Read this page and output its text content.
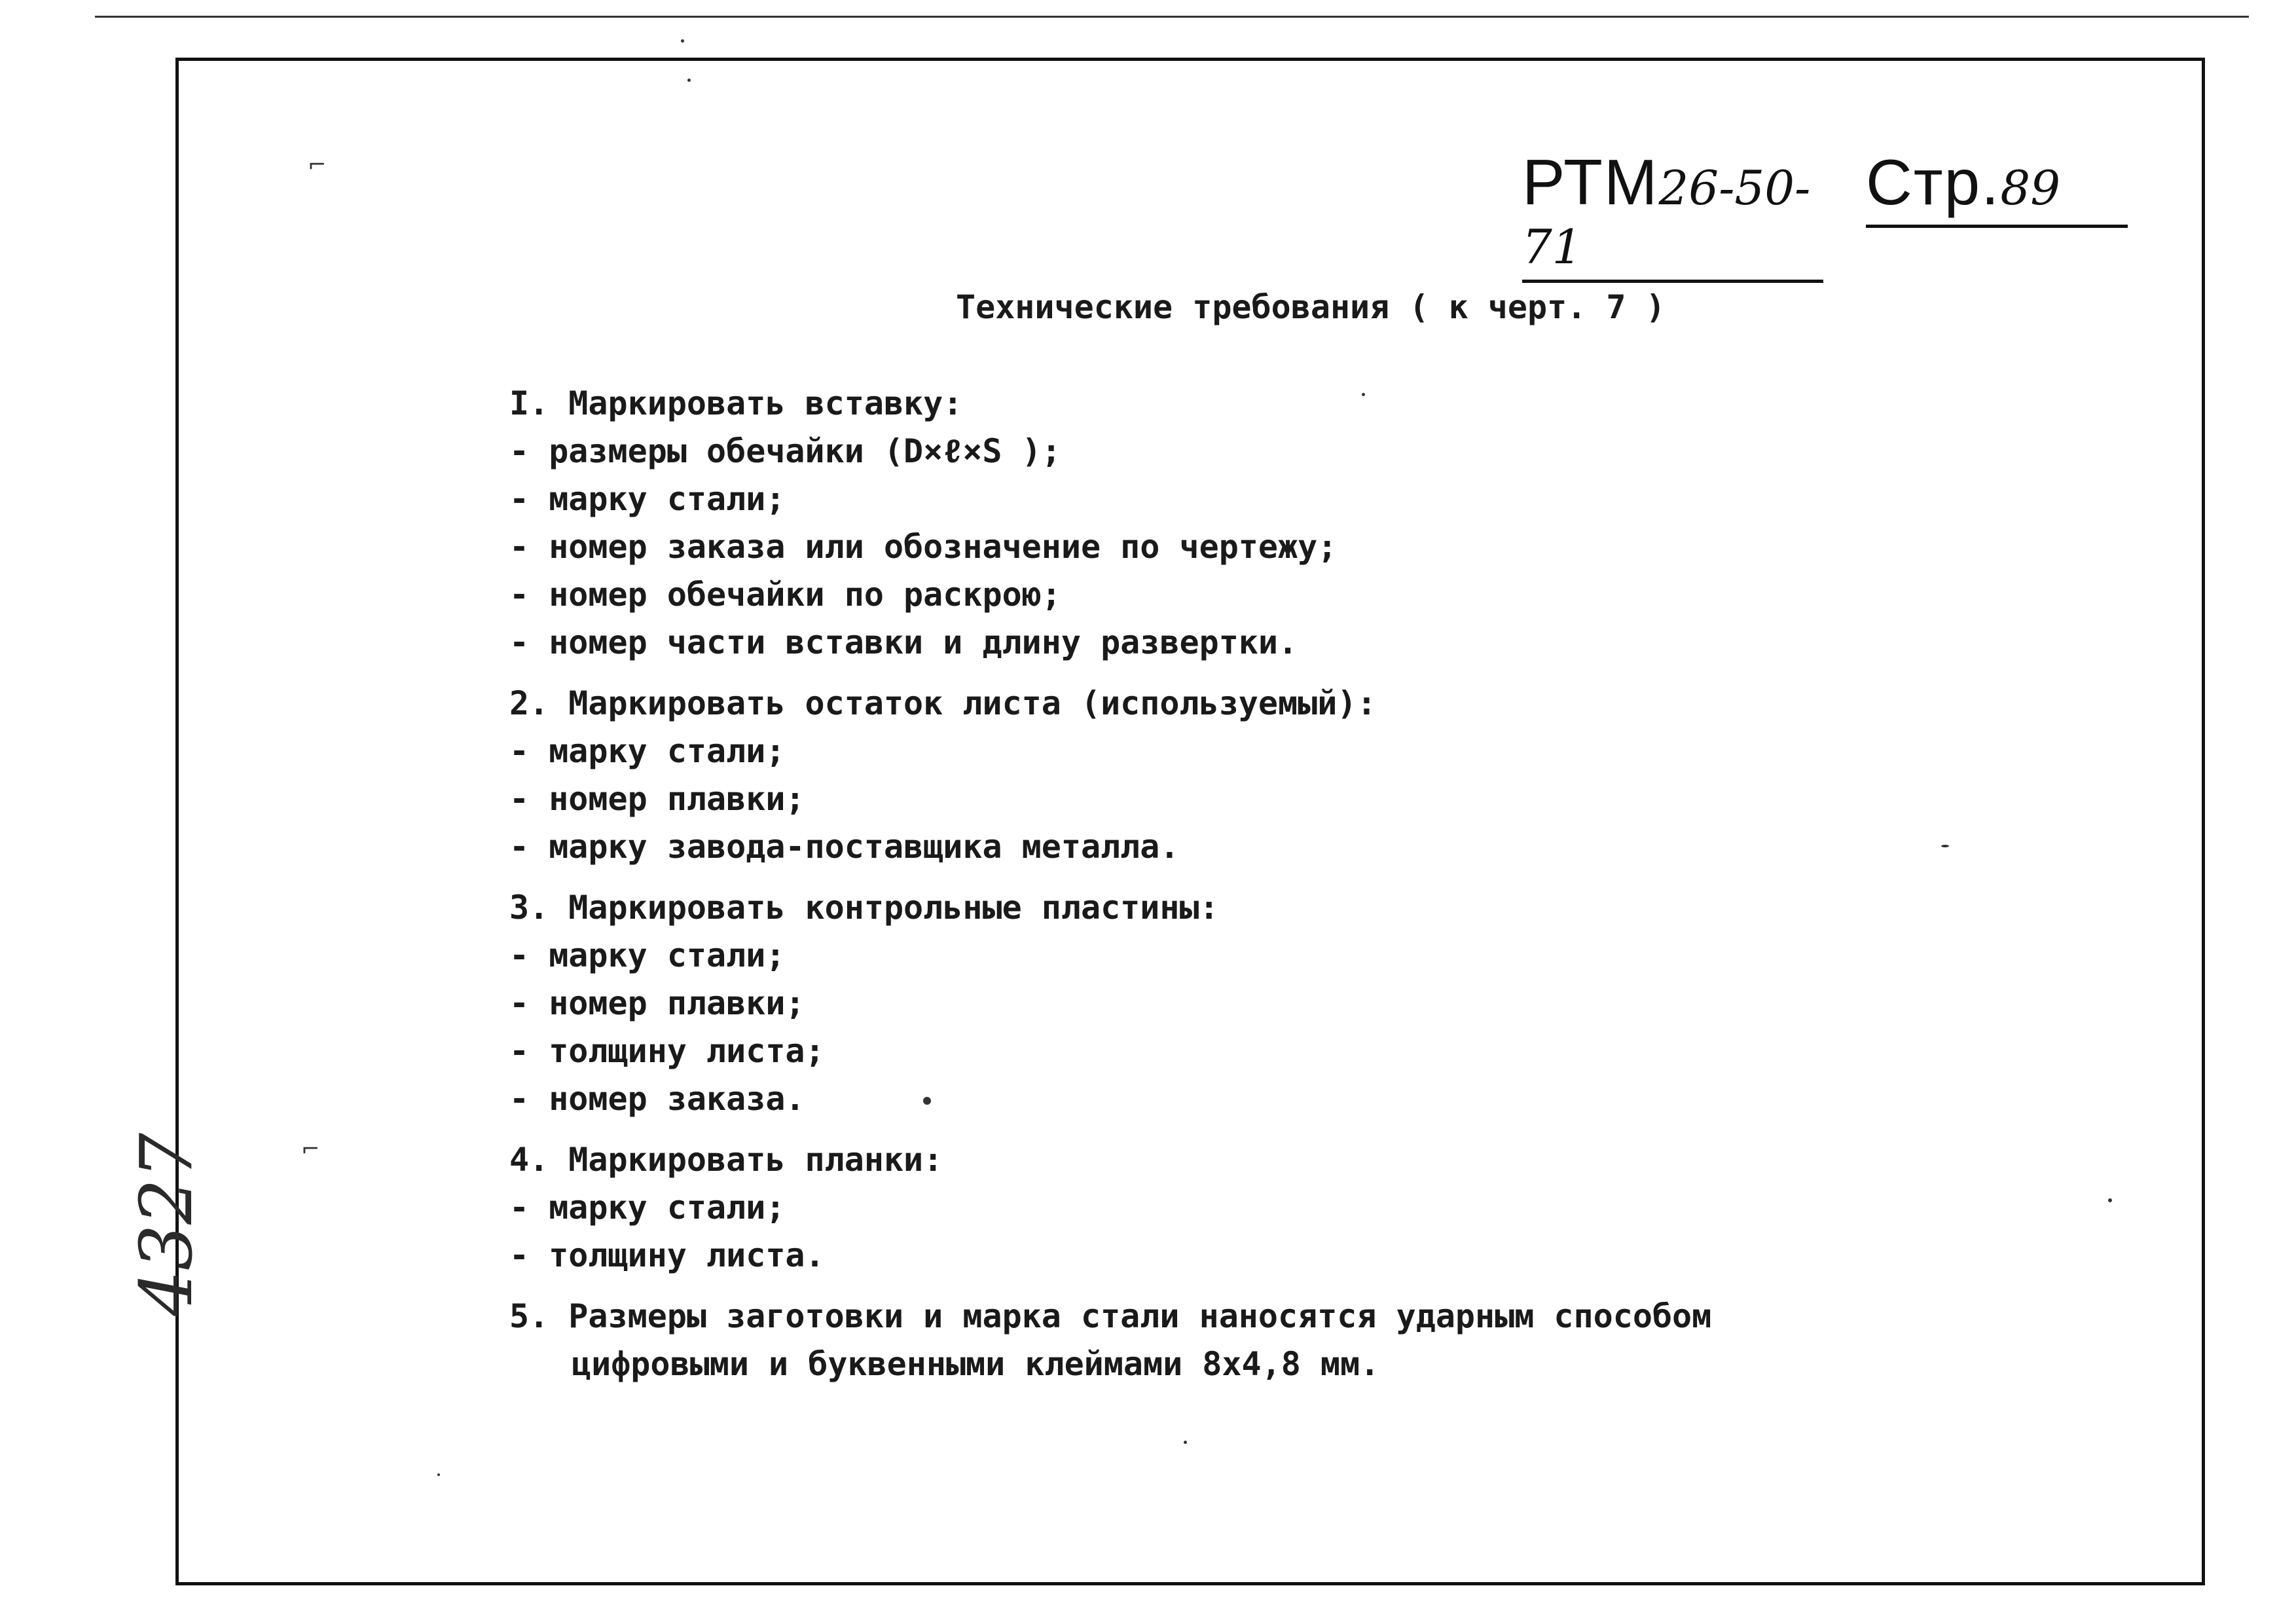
РТМ26-50-71
Стр.89
Технические требования ( к черт. 7 )
I. Маркировать вставку:
- размеры обечайки (D×ℓ×S );
- марку стали;
- номер заказа или обозначение по чертежу;
- номер обечайки по раскрою;
- номер части вставки и длину развертки.
2. Маркировать остаток листа (используемый):
- марку стали;
- номер плавки;
- марку завода-поставщика металла.
3. Маркировать контрольные пластины:
- марку стали;
- номер плавки;
- толщину листа;
- номер заказа.
4. Маркировать планки:
- марку стали;
- толщину листа.
5. Размеры заготовки и марка стали наносятся ударным способом
цифровыми и буквенными клеймами 8х4,8 мм.
4327
⌐
⌐
